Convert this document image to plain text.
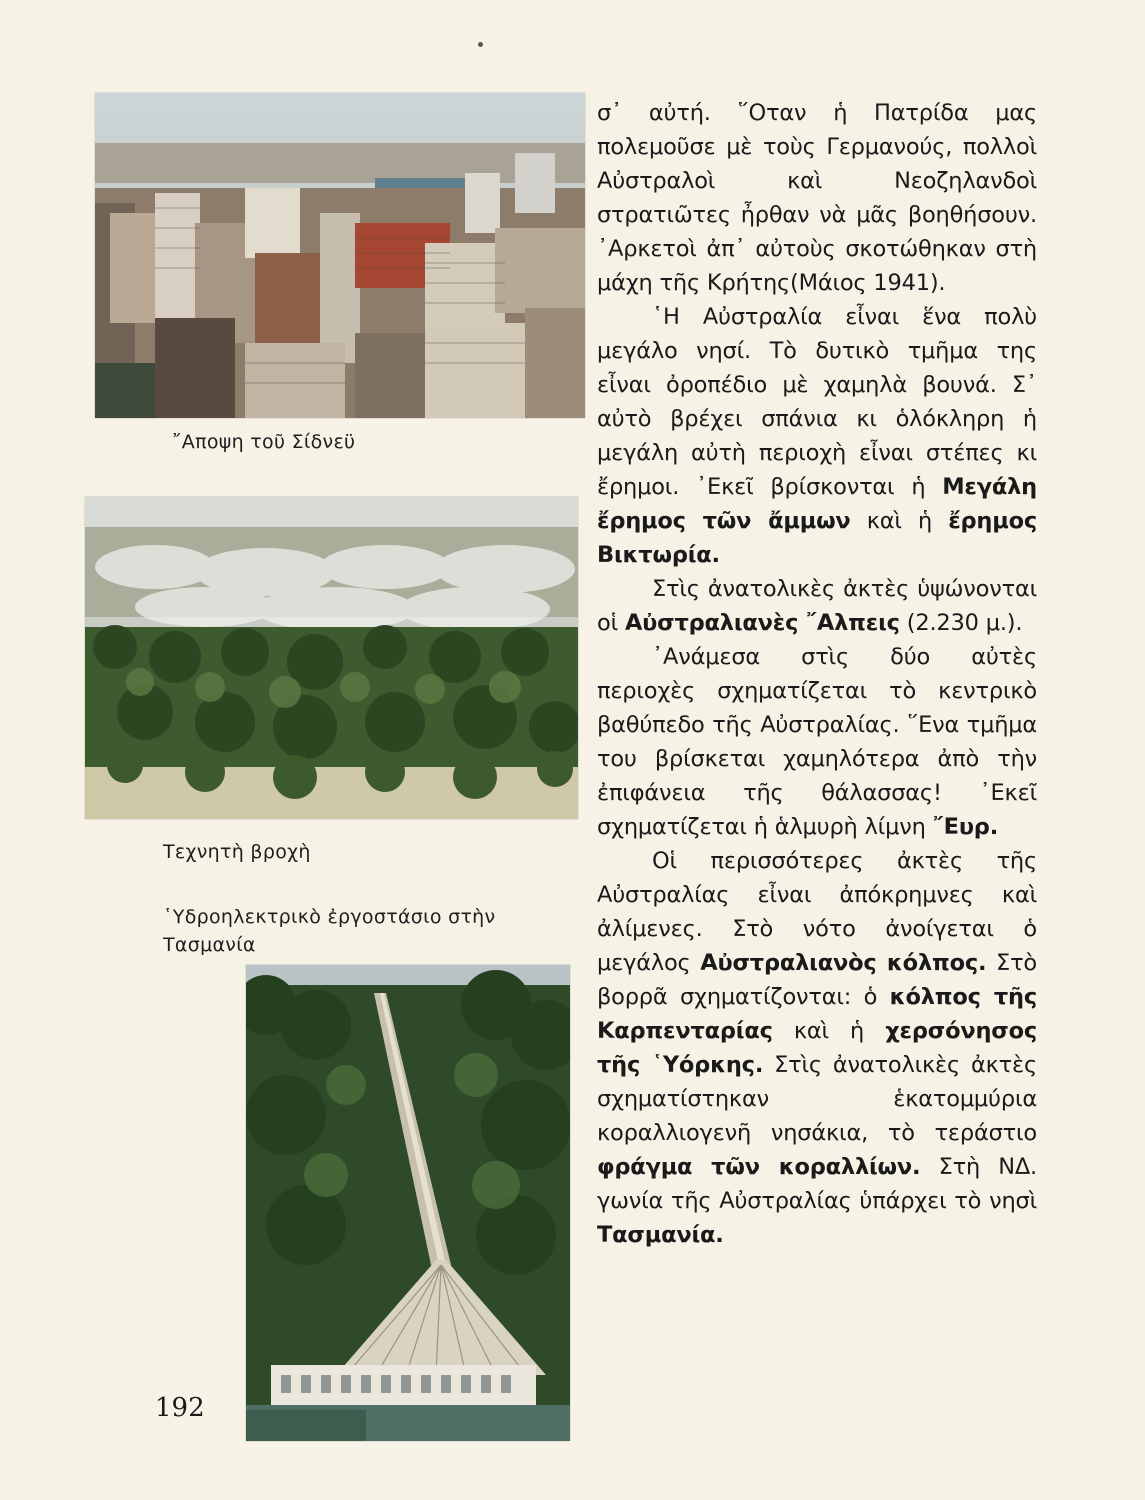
῎Αποψη τοῦ Σίδνεϋ
Τεχνητὴ βροχὴ
῾Υδροηλεκτρικὸ ἐργοστάσιο στὴν Τασμανία

σ᾿ αὐτή. ῞Οταν ἡ Πατρίδα μας πολεμοῦσε μὲ τοὺς Γερμανούς, πολλοὶ Αὐστραλοὶ καὶ Νεοζηλανδοὶ στρατιῶτες ἦρθαν νὰ μᾶς βοηθήσουν. ᾿Αρκετοὶ ἀπ᾿ αὐτοὺς σκοτώθηκαν στὴ μάχη τῆς Κρήτης(Μάιος 1941).

῾Η Αὐστραλία εἶναι ἕνα πολὺ μεγάλο νησί. Τὸ δυτικὸ τμῆμα της εἶναι ὀροπέδιο μὲ χαμηλὰ βουνά. Σ᾿ αὐτὸ βρέχει σπάνια κι ὁλόκληρη ἡ μεγάλη αὐτὴ περιοχὴ εἶναι στέπες κι ἔρημοι. ᾿Εκεῖ βρίσκονται ἡ Μεγάλη ἔρημος τῶν ἄμμων καὶ ἡ ἔρημος Βικτωρία.

Στὶς ἀνατολικὲς ἀκτὲς ὑψώνονται οἱ Αὐστραλιανὲς ῎Αλπεις (2.230 μ.).

᾿Ανάμεσα στὶς δύο αὐτὲς περιοχὲς σχηματίζεται τὸ κεντρικὸ βαθύπεδο τῆς Αὐστραλίας. ῞Ενα τμῆμα του βρίσκεται χαμηλότερα ἀπὸ τὴν ἐπιφάνεια τῆς θάλασσας! ᾿Εκεῖ σχηματίζεται ἡ ἁλμυρὴ λίμνη ῎Ευρ.

Οἱ περισσότερες ἀκτὲς τῆς Αὐστραλίας εἶναι ἀπόκρημνες καὶ ἀλίμενες. Στὸ νότο ἀνοίγεται ὁ μεγάλος Αὐστραλιανὸς κόλπος. Στὸ βορρᾶ σχηματίζονται: ὁ κόλπος τῆς Καρπενταρίας καὶ ἡ χερσόνησος τῆς ῾Υόρκης. Στὶς ἀνατολικὲς ἀκτὲς σχηματίστηκαν ἑκατομμύρια κοραλλιογενῆ νησάκια, τὸ τεράστιο φράγμα τῶν κοραλλίων. Στὴ ΝΔ. γωνία τῆς Αὐστραλίας ὑπάρχει τὸ νησὶ Τασμανία.

192
